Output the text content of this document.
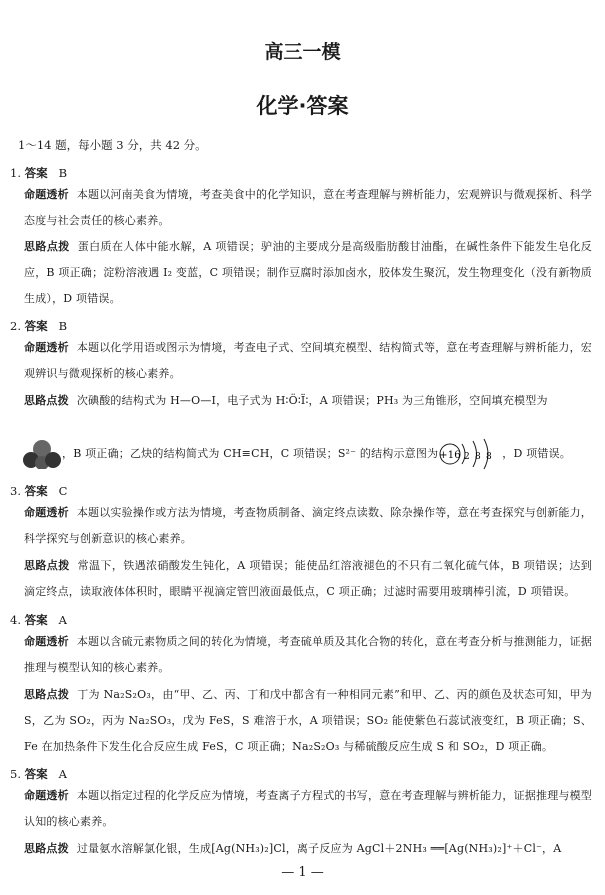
高三一模
化学·答案
1～14 题，每小题 3 分，共 42 分。
1. 答案 B
命题透析 本题以河南美食为情境，考查美食中的化学知识，意在考查理解与辨析能力，宏观辨识与微观探析、科学态度与社会责任的核心素养。
思路点拨 蛋白质在人体中能水解，A 项错误；驴油的主要成分是高级脂肪酸甘油酯，在碱性条件下能发生皂化反应，B 项正确；淀粉溶液遇 I₂ 变蓝，C 项错误；制作豆腐时添加卤水，胶体发生聚沉，发生物理变化（没有新物质生成），D 项错误。
2. 答案 B
命题透析 本题以化学用语或图示为情境，考查电子式、空间填充模型、结构简式等，意在考查理解与辨析能力，宏观辨识与微观探析的核心素养。
思路点拨 次碘酸的结构式为 H—O—I，电子式为 H∶Ö∶Ï∶，A 项错误；PH₃ 为三角锥形，空间填充模型为
，B 项正确；乙炔的结构简式为 CH≡CH，C 项错误；S²⁻ 的结构示意图为 +16 2 8 8 ，D 项错误。
3. 答案 C
命题透析 本题以实验操作或方法为情境，考查物质制备、滴定终点读数、除杂操作等，意在考查探究与创新能力，科学探究与创新意识的核心素养。
思路点拨 常温下，铁遇浓硝酸发生钝化，A 项错误；能使品红溶液褪色的不只有二氧化硫气体，B 项错误；达到滴定终点，读取液体体积时，眼睛平视滴定管凹液面最低点，C 项正确；过滤时需要用玻璃棒引流，D 项错误。
4. 答案 A
命题透析 本题以含硫元素物质之间的转化为情境，考查硫单质及其化合物的转化，意在考查分析与推测能力，证据推理与模型认知的核心素养。
思路点拨 丁为 Na₂S₂O₃，由“甲、乙、丙、丁和戊中都含有一种相同元素”和甲、乙、丙的颜色及状态可知，甲为 S，乙为 SO₂，丙为 Na₂SO₃，戊为 FeS，S 难溶于水，A 项错误；SO₂ 能使紫色石蕊试液变红，B 项正确；S、Fe 在加热条件下发生化合反应生成 FeS，C 项正确；Na₂S₂O₃ 与稀硫酸反应生成 S 和 SO₂，D 项正确。
5. 答案 A
命题透析 本题以指定过程的化学反应为情境，考查离子方程式的书写，意在考查理解与辨析能力，证据推理与模型认知的核心素养。
思路点拨 过量氨水溶解氯化银，生成[Ag(NH₃)₂]Cl，离子反应为 AgCl＋2NH₃ ══[Ag(NH₃)₂]⁺＋Cl⁻，A
— 1 —
